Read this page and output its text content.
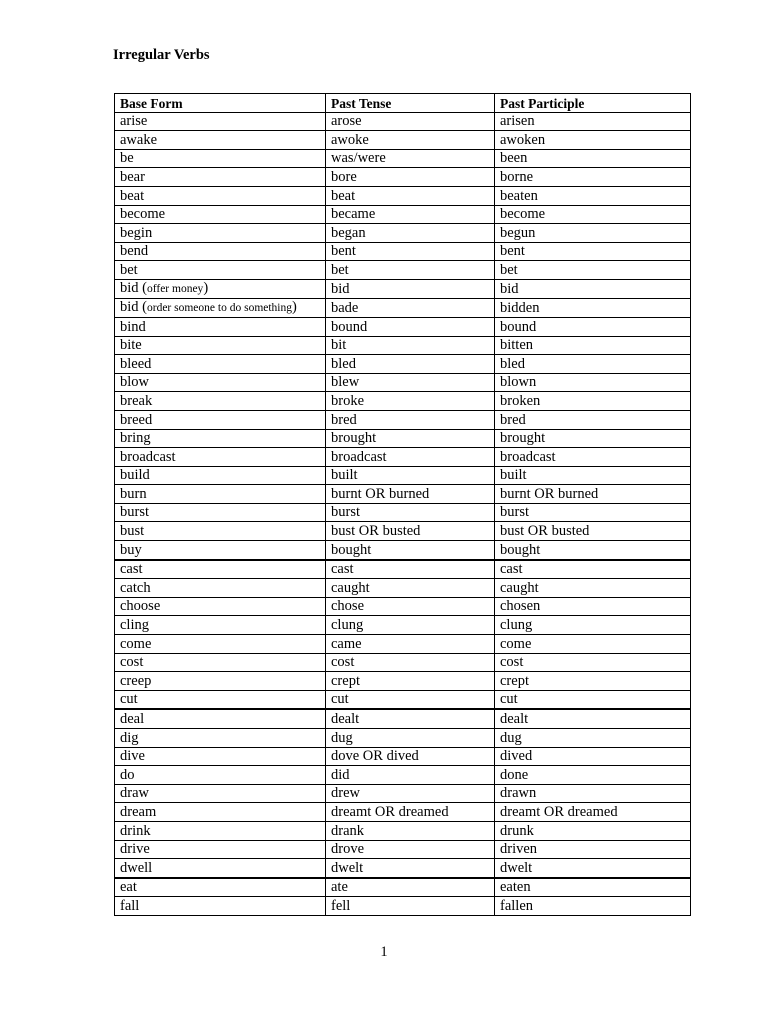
Irregular Verbs
Base Form	Past Tense	Past Participle
arise	arose	arisen
awake	awoke	awoken
be	was/were	been
bear	bore	borne
beat	beat	beaten
become	became	become
begin	began	begun
bend	bent	bent
bet	bet	bet
bid (offer money)	bid	bid
bid (order someone to do something)	bade	bidden
bind	bound	bound
bite	bit	bitten
bleed	bled	bled
blow	blew	blown
break	broke	broken
breed	bred	bred
bring	brought	brought
broadcast	broadcast	broadcast
build	built	built
burn	burnt OR burned	burnt OR burned
burst	burst	burst
bust	bust OR busted	bust OR busted
buy	bought	bought
cast	cast	cast
catch	caught	caught
choose	chose	chosen
cling	clung	clung
come	came	come
cost	cost	cost
creep	crept	crept
cut	cut	cut
deal	dealt	dealt
dig	dug	dug
dive	dove OR dived	dived
do	did	done
draw	drew	drawn
dream	dreamt OR dreamed	dreamt OR dreamed
drink	drank	drunk
drive	drove	driven
dwell	dwelt	dwelt
eat	ate	eaten
fall	fell	fallen
1
